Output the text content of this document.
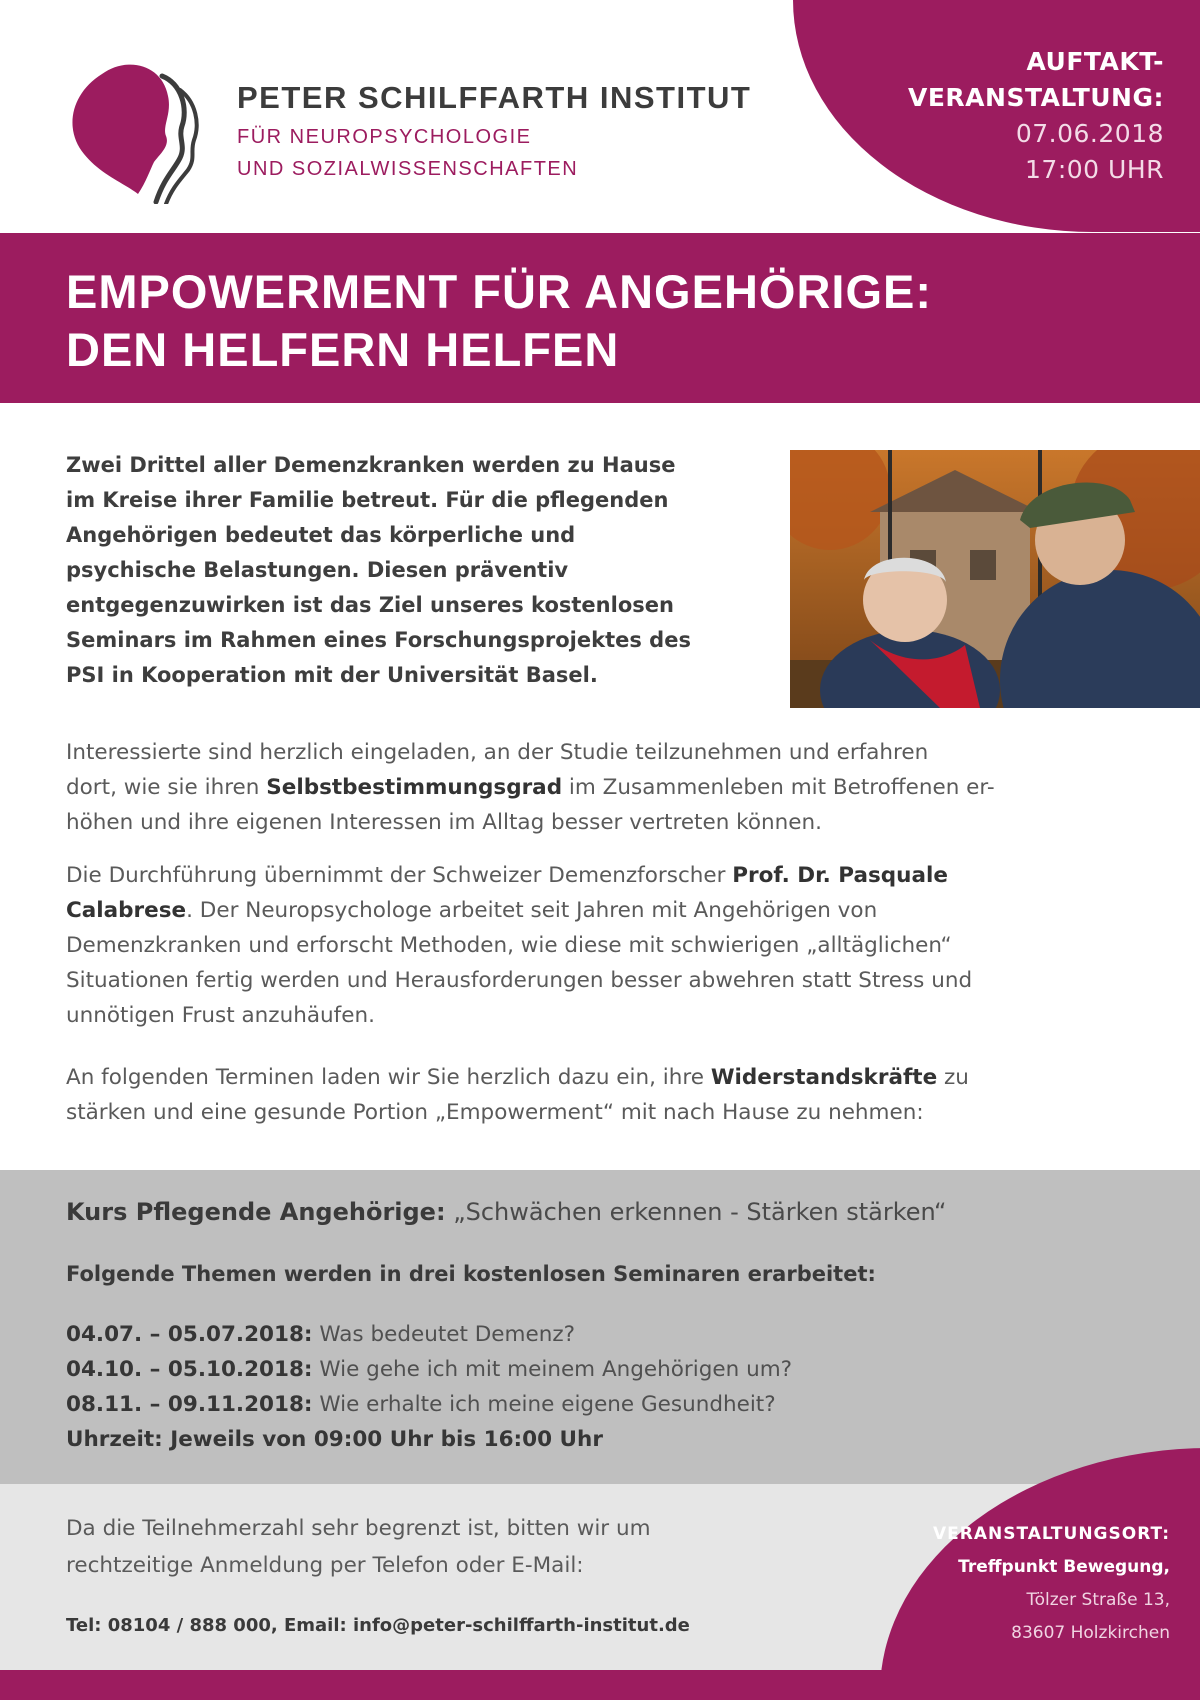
AUFTAKT-
VERANSTALTUNG:
07.06.2018
17:00 UHR
PETER SCHILFFARTH INSTITUT
FÜR NEUROPSYCHOLOGIE
UND SOZIALWISSENSCHAFTEN
EMPOWERMENT FÜR ANGEHÖRIGE:
DEN HELFERN HELFEN
Zwei Drittel aller Demenzkranken werden zu Hause
im Kreise ihrer Familie betreut. Für die pflegenden
Angehörigen bedeutet das körperliche und
psychische Belastungen. Diesen präventiv
entgegenzuwirken ist das Ziel unseres kostenlosen
Seminars im Rahmen eines Forschungsprojektes des
PSI in Kooperation mit der Universität Basel.
Interessierte sind herzlich eingeladen, an der Studie teilzunehmen und erfahren
dort, wie sie ihren Selbstbestimmungsgrad im Zusammenleben mit Betroffenen er-
höhen und ihre eigenen Interessen im Alltag besser vertreten können.
Die Durchführung übernimmt der Schweizer Demenzforscher Prof. Dr. Pasquale
Calabrese. Der Neuropsychologe arbeitet seit Jahren mit Angehörigen von
Demenzkranken und erforscht Methoden, wie diese mit schwierigen „alltäglichen“
Situationen fertig werden und Herausforderungen besser abwehren statt Stress und
unnötigen Frust anzuhäufen.
An folgenden Terminen laden wir Sie herzlich dazu ein, ihre Widerstandskräfte zu
stärken und eine gesunde Portion „Empowerment“ mit nach Hause zu nehmen:
Kurs Pflegende Angehörige: „Schwächen erkennen - Stärken stärken“
Folgende Themen werden in drei kostenlosen Seminaren erarbeitet:
04.07. – 05.07.2018: Was bedeutet Demenz?
04.10. – 05.10.2018: Wie gehe ich mit meinem Angehörigen um?
08.11. – 09.11.2018: Wie erhalte ich meine eigene Gesundheit?
Uhrzeit: Jeweils von 09:00 Uhr bis 16:00 Uhr
Da die Teilnehmerzahl sehr begrenzt ist, bitten wir um
rechtzeitige Anmeldung per Telefon oder E-Mail:
Tel: 08104 / 888 000, Email: info@peter-schilffarth-institut.de
VERANSTALTUNGSORT:
Treffpunkt Bewegung,
Tölzer Straße 13,
83607 Holzkirchen
